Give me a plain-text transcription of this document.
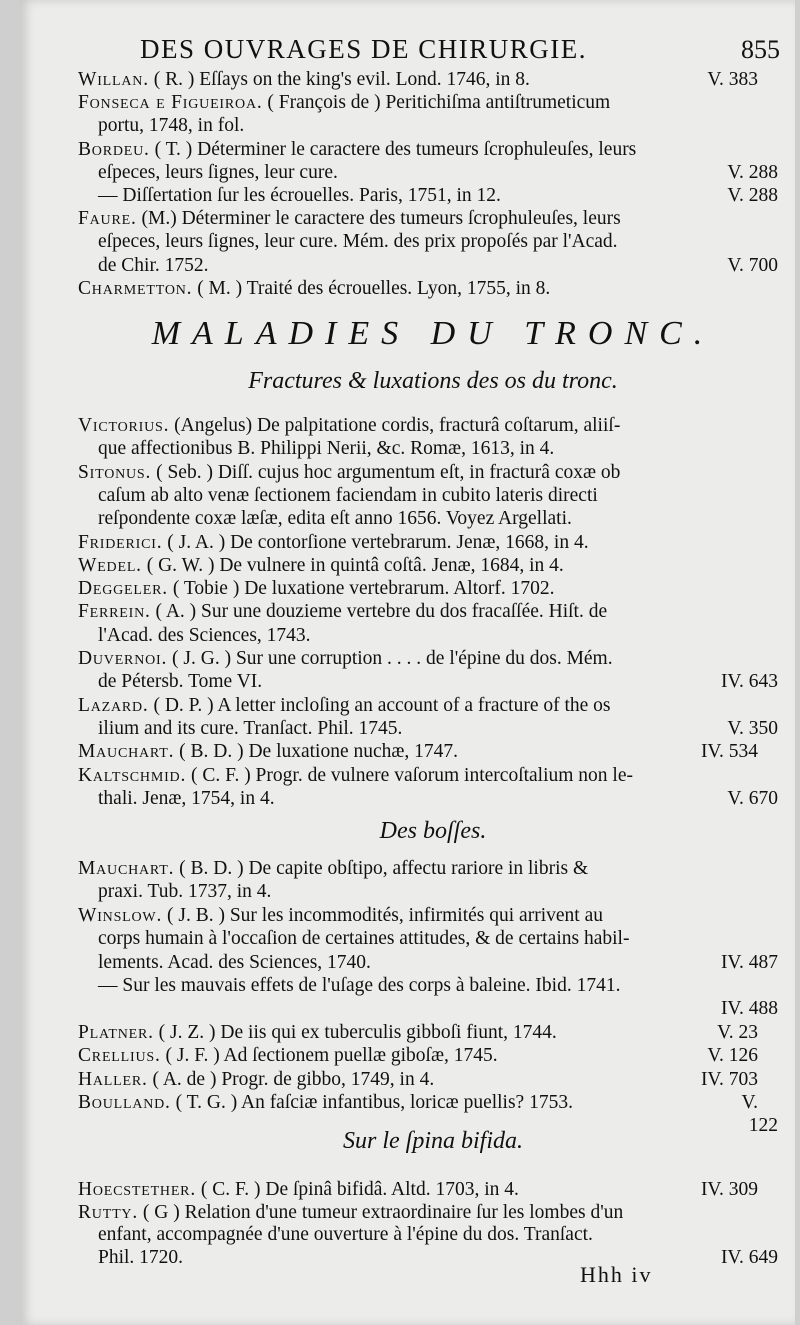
DES OUVRAGES DE CHIRURGIE.	855
Willan. ( R. ) Eſſays on the king's evil. Lond. 1746, in 8.	V. 383
Fonseca e Figueiroa. ( François de ) Peritichiſma antiſtrumeticum
portu, 1748, in fol.
Bordeu. ( T. ) Déterminer le caractere des tumeurs ſcrophuleuſes, leurs
eſpeces, leurs ſignes, leur cure.	V. 288
— Diſſertation ſur les écrouelles. Paris, 1751, in 12.	V. 288
Faure. (M.) Déterminer le caractere des tumeurs ſcrophuleuſes, leurs
eſpeces, leurs ſignes, leur cure. Mém. des prix propoſés par l'Acad.
de Chir. 1752.	V. 700
Charmetton. ( M. ) Traité des écrouelles. Lyon, 1755, in 8.
MALADIES DU TRONC.
Fractures & luxations des os du tronc.
Victorius. (Angelus) De palpitatione cordis, fracturâ coſtarum, aliiſ-
que affectionibus B. Philippi Nerii, &c. Romæ, 1613, in 4.
Sitonus. ( Seb. ) Diſſ. cujus hoc argumentum eſt, in fracturâ coxæ ob
caſum ab alto venæ ſectionem faciendam in cubito lateris directi
reſpondente coxæ læſæ, edita eſt anno 1656. Voyez Argellati.
Friderici. ( J. A. ) De contorſione vertebrarum. Jenæ, 1668, in 4.
Wedel. ( G. W. ) De vulnere in quintâ coſtâ. Jenæ, 1684, in 4.
Deggeler. ( Tobie ) De luxatione vertebrarum. Altorf. 1702.
Ferrein. ( A. ) Sur une douzieme vertebre du dos fracaſſée. Hiſt. de
l'Acad. des Sciences, 1743.
Duvernoi. ( J. G. ) Sur une corruption . . . . de l'épine du dos. Mém.
de Pétersb. Tome VI.	IV. 643
Lazard. ( D. P. ) A letter incloſing an account of a fracture of the os
ilium and its cure. Tranſact. Phil. 1745.	V. 350
Mauchart. ( B. D. ) De luxatione nuchæ, 1747.	IV. 534
Kaltschmid. ( C. F. ) Progr. de vulnere vaſorum intercoſtalium non le-
thali. Jenæ, 1754, in 4.	V. 670
Des boſſes.
Mauchart. ( B. D. ) De capite obſtipo, affectu rariore in libris &
praxi. Tub. 1737, in 4.
Winslow. ( J. B. ) Sur les incommodités, infirmités qui arrivent au
corps humain à l'occaſion de certaines attitudes, & de certains habil-
lements. Acad. des Sciences, 1740.	IV. 487
— Sur les mauvais effets de l'uſage des corps à baleine. Ibid. 1741.
IV. 488
Platner. ( J. Z. ) De iis qui ex tuberculis gibboſi fiunt, 1744.	V. 23
Crellius. ( J. F. ) Ad ſectionem puellæ giboſæ, 1745.	V. 126
Haller. ( A. de ) Progr. de gibbo, 1749, in 4.	IV. 703
Boulland. ( T. G. ) An faſciæ infantibus, loricæ puellis? 1753.	V.
122
Sur le ſpina bifida.
Hoecstether. ( C. F. ) De ſpinâ bifidâ. Altd. 1703, in 4.	IV. 309
Rutty. ( G ) Relation d'une tumeur extraordinaire ſur les lombes d'un
enfant, accompagnée d'une ouverture à l'épine du dos. Tranſact.
Phil. 1720.	IV. 649
Hhh iv
